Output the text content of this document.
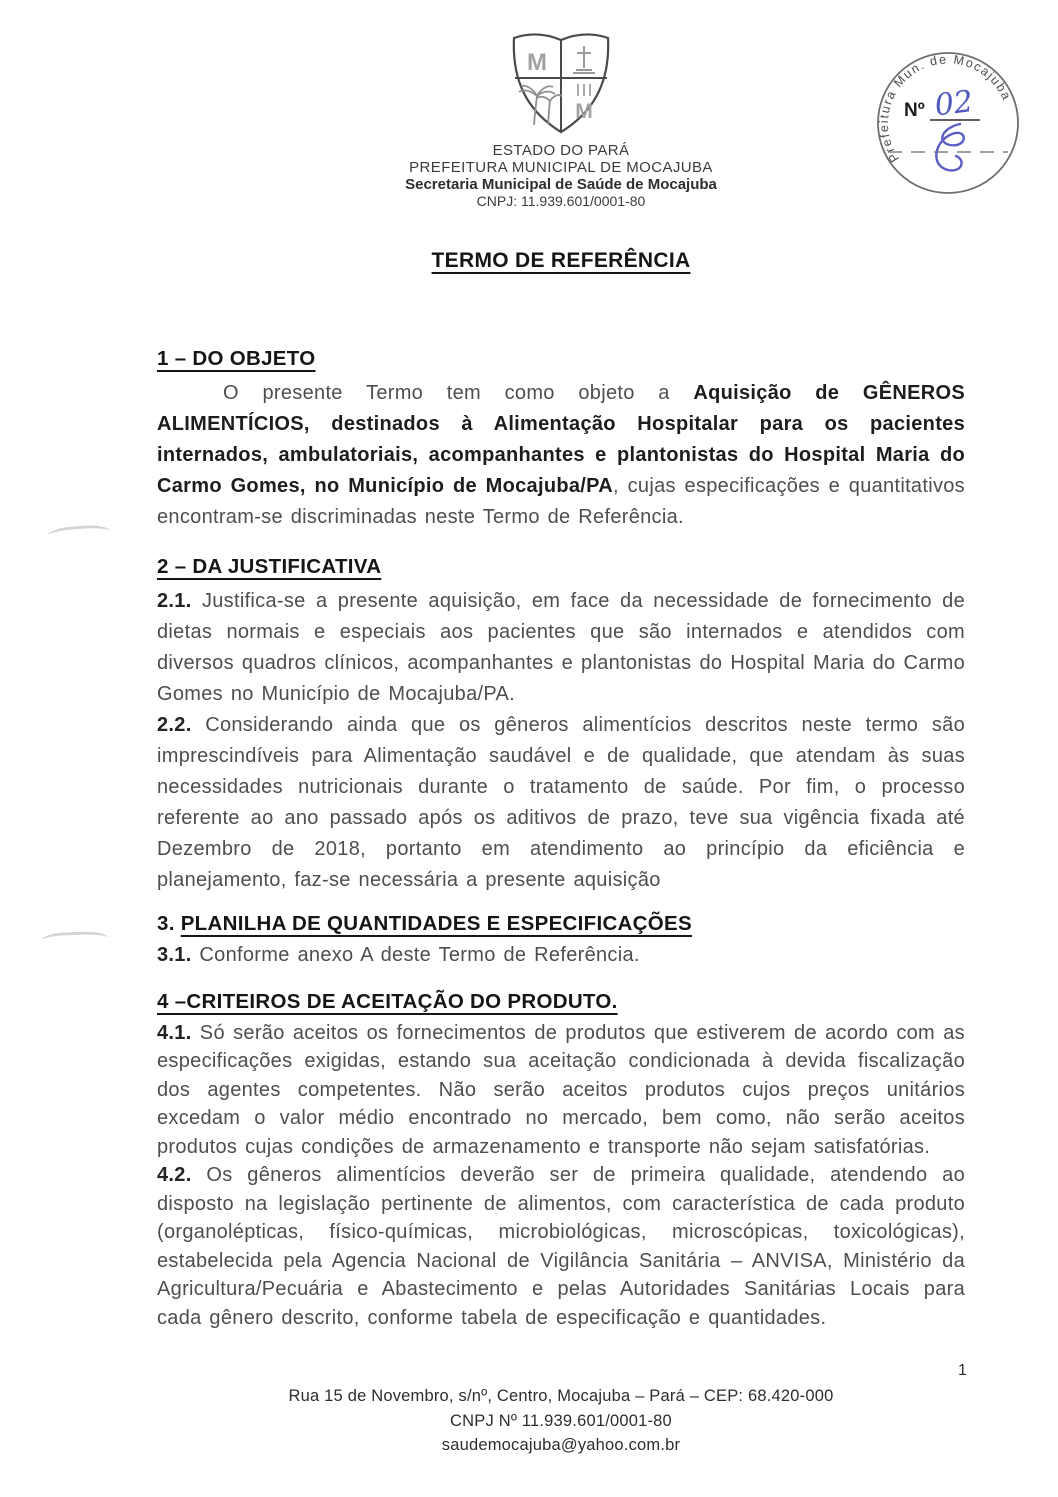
M
M
ESTADO DO PARÁ
PREFEITURA MUNICIPAL DE MOCAJUBA
Secretaria Municipal de Saúde de Mocajuba
CNPJ: 11.939.601/0001-80
Prefeitura Mun. de Mocajuba
Nº 02
TERMO DE REFERÊNCIA
1 – DO OBJETO

O presente Termo tem como objeto a Aquisição de GÊNEROS ALIMENTÍCIOS, destinados à Alimentação Hospitalar para os pacientes internados, ambulatoriais, acompanhantes e plantonistas do Hospital Maria do Carmo Gomes, no Município de Mocajuba/PA, cujas especificações e quantitativos encontram-se discriminadas neste Termo de Referência.

2 – DA JUSTIFICATIVA

2.1. Justifica-se a presente aquisição, em face da necessidade de fornecimento de dietas normais e especiais aos pacientes que são internados e atendidos com diversos quadros clínicos, acompanhantes e plantonistas do Hospital Maria do Carmo Gomes no Município de Mocajuba/PA.

2.2. Considerando ainda que os gêneros alimentícios descritos neste termo são imprescindíveis para Alimentação saudável e de qualidade, que atendam às suas necessidades nutricionais durante o tratamento de saúde. Por fim, o processo referente ao ano passado após os aditivos de prazo, teve sua vigência fixada até Dezembro de 2018, portanto em atendimento ao princípio da eficiência e planejamento, faz-se necessária a presente aquisição

3. PLANILHA DE QUANTIDADES E ESPECIFICAÇÕES

3.1. Conforme anexo A deste Termo de Referência.

4 –CRITEIROS DE ACEITAÇÃO DO PRODUTO.

4.1. Só serão aceitos os fornecimentos de produtos que estiverem de acordo com as especificações exigidas, estando sua aceitação condicionada à devida fiscalização dos agentes competentes. Não serão aceitos produtos cujos preços unitários excedam o valor médio encontrado no mercado, bem como, não serão aceitos produtos cujas condições de armazenamento e transporte não sejam satisfatórias.

4.2. Os gêneros alimentícios deverão ser de primeira qualidade, atendendo ao disposto na legislação pertinente de alimentos, com característica de cada produto (organolépticas, físico-químicas, microbiológicas, microscópicas, toxicológicas), estabelecida pela Agencia Nacional de Vigilância Sanitária – ANVISA, Ministério da Agricultura/Pecuária e Abastecimento e pelas Autoridades Sanitárias Locais para cada gênero descrito, conforme tabela de especificação e quantidades.

1
Rua 15 de Novembro, s/nº, Centro, Mocajuba – Pará – CEP: 68.420-000
CNPJ Nº 11.939.601/0001-80
saudemocajuba@yahoo.com.br
